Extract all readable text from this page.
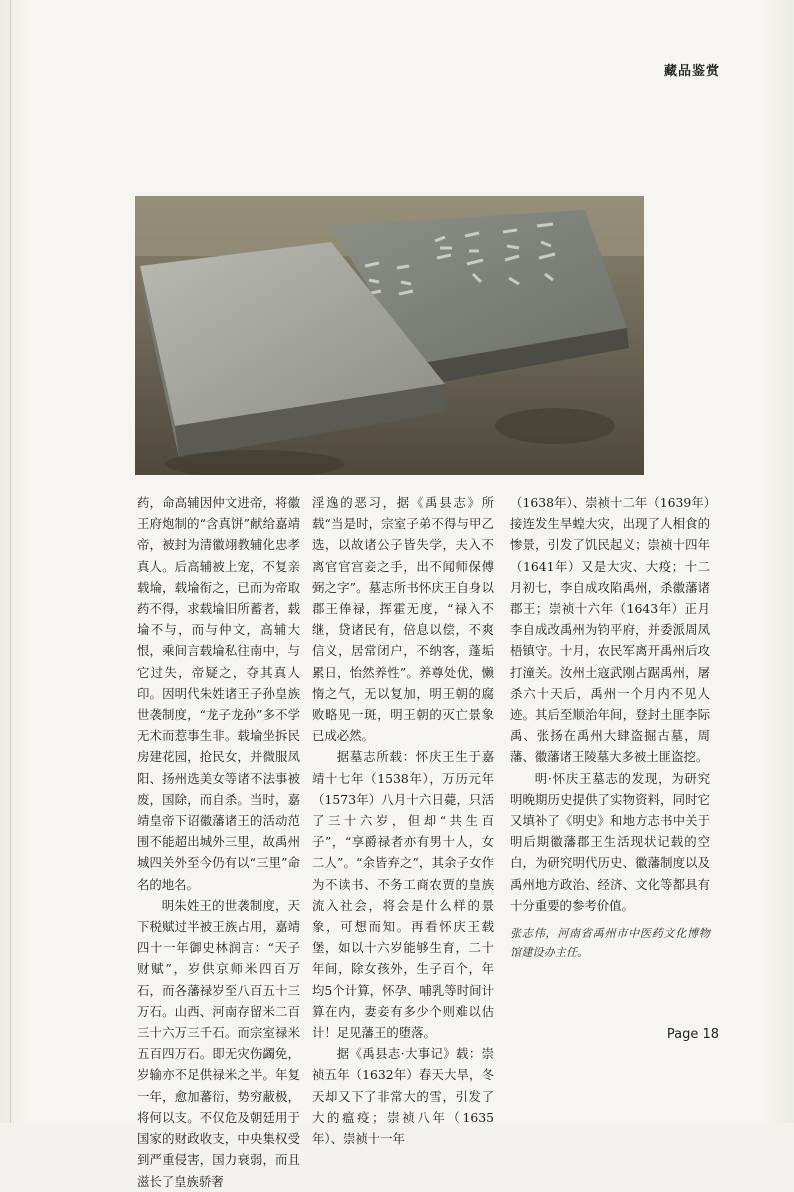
藏品鉴赏

药，命高辅因仲文进帝，将徽王府炮制的“含真饼”献给嘉靖帝，被封为清徽翊教辅化忠孝真人。后高辅被上宠，不复亲载埨，载埨衔之，已而为帝取药不得，求载埨旧所蓄者，载埨不与，而与仲文，高辅大恨，乘间言载埨私往南中，与它过失，帝疑之，夺其真人印。因明代朱姓诸王子孙皇族世袭制度，“龙子龙孙”多不学无术而惹事生非。载埨坐拆民房建花园，抢民女，并微服凤阳、扬州选美女等诸不法事被废，国除，而自杀。当时，嘉靖皇帝下诏徽藩诸王的活动范围不能超出城外三里，故禹州城四关外至今仍有以“三里”命名的地名。

明朱姓王的世袭制度，天下税赋过半被王族占用，嘉靖四十一年御史林润言：“天子财赋”，岁供京师米四百万石，而各藩禄岁至八百五十三万石。山西、河南存留米二百三十六万三千石。而宗室禄米五百四万石。即无灾伤蠲免，岁输亦不足供禄米之半。年复一年，愈加蕃衍，势穷蔽极，将何以支。不仅危及朝廷用于国家的财政收支，中央集权受到严重侵害，国力衰弱，而且滋长了皇族骄奢

淫逸的恶习，据《禹县志》所载“当是时，宗室子弟不得与甲乙选，以故诸公子皆失学，夫入不离官官宫妾之手，出不闻师保傅弼之字”。墓志所书怀庆王自身以郡王俸禄，挥霍无度，“禄入不继，贷诸民有，倍息以偿，不爽信义，居常闭户，不纳客，蓬垢累日，怡然养性”。养尊处优，懒惰之气，无以复加，明王朝的腐败略见一斑，明王朝的灭亡景象已成必然。

据墓志所载：怀庆王生于嘉靖十七年（1538年），万历元年（1573年）八月十六日薨，只活了三十六岁，但却“共生百子”，“享爵禄者亦有男十人，女二人”。“余皆弃之”，其余子女作为不读书、不务工商农贾的皇族流入社会，将会是什么样的景象，可想而知。再看怀庆王载堡，如以十六岁能够生育，二十年间，除女孩外，生子百个，年均5个计算，怀孕、哺乳等时间计算在内，妻妾有多少个则难以估计！足见藩王的堕落。

据《禹县志·大事记》载：崇祯五年（1632年）春天大旱，冬天却又下了非常大的雪，引发了大的瘟疫；崇祯八年（1635年）、崇祯十一年

（1638年）、崇祯十二年（1639年）接连发生旱蝗大灾，出现了人相食的惨景，引发了饥民起义；崇祯十四年（1641年）又是大灾、大疫；十二月初七，李自成攻陷禹州，杀徽藩诸郡王；崇祯十六年（1643年）正月李自成改禹州为钧平府，并委派周凤梧镇守。十月，农民军离开禹州后攻打潼关。汝州土寇武刚占踞禹州，屠杀六十天后，禹州一个月内不见人迹。其后至顺治年间，登封土匪李际禹、张扬在禹州大肆盗掘古墓，周藩、徽藩诸王陵墓大多被土匪盗挖。

明·怀庆王墓志的发现，为研究明晚期历史提供了实物资料，同时它又填补了《明史》和地方志书中关于明后期徽藩郡王生活现状记载的空白，为研究明代历史、徽藩制度以及禹州地方政治、经济、文化等都具有十分重要的参考价值。

张志伟，河南省禹州市中医药文化博物馆建设办主任。

Page 18
